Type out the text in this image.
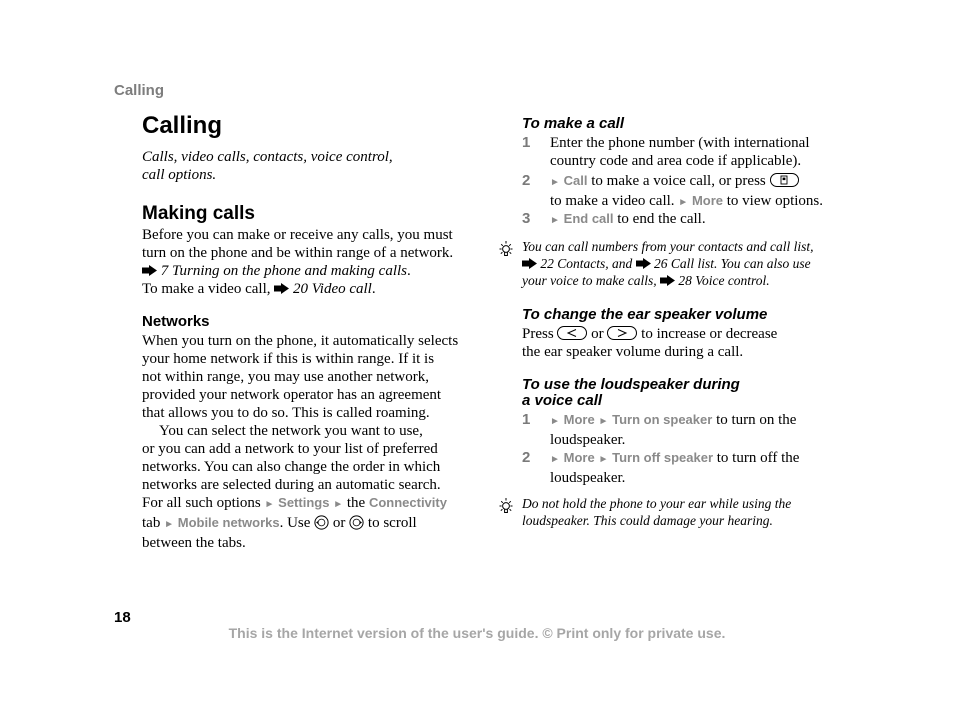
Calling
Calling
Calls, video calls, contacts, voice control,
call options.
Making calls
Before you can make or receive any calls, you must
turn on the phone and be within range of a network.
7 Turning on the phone and making calls.
To make a video call, 20 Video call.
Networks
When you turn on the phone, it automatically selects
your home network if this is within range. If it is
not within range, you may use another network,
provided your network operator has an agreement
that allows you to do so. This is called roaming.
You can select the network you want to use,
or you can add a network to your list of preferred
networks. You can also change the order in which
networks are selected during an automatic search.
For all such options ► Settings ► the Connectivity
tab ► Mobile networks. Use or to scroll
between the tabs.
To make a call
1 Enter the phone number (with international
country code and area code if applicable).
2 ► Call to make a voice call, or press
to make a video call. ► More to view options.
3 ► End call to end the call.
You can call numbers from your contacts and call list,
22 Contacts, and 26 Call list. You can also use
your voice to make calls, 28 Voice control.
To change the ear speaker volume
Press	or	to increase or decrease
the ear speaker volume during a call.
To use the loudspeaker during
a voice call
1 ► More ► Turn on speaker to turn on the
loudspeaker.
2 ► More ► Turn off speaker to turn off the
loudspeaker.
Do not hold the phone to your ear while using the
loudspeaker. This could damage your hearing.
18
This is the Internet version of the user's guide. © Print only for private use.
